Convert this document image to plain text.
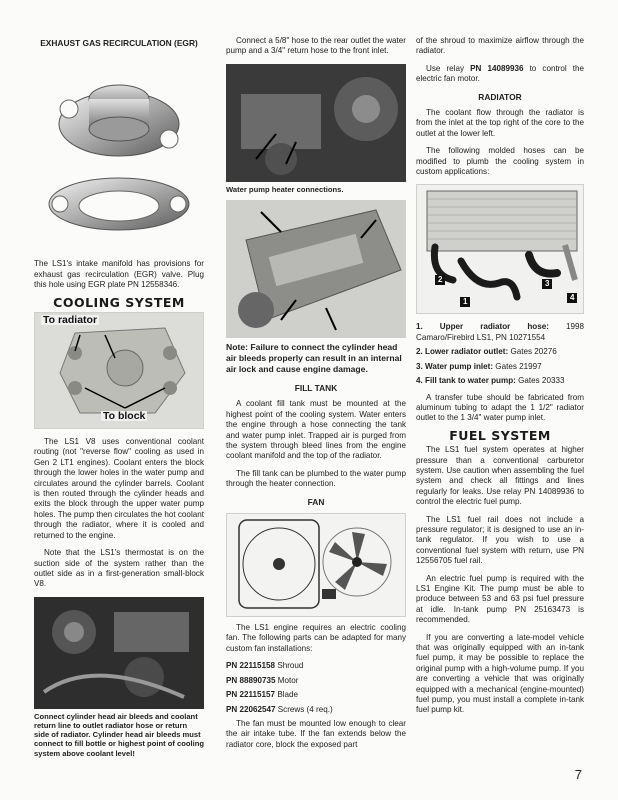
EXHAUST GAS RECIRCULATION (EGR)

The LS1's intake manifold has provisions for exhaust gas recirculation (EGR) valve. Plug this hole using EGR plate PN 12558346.

COOLING SYSTEM
To radiator
To block

The LS1 V8 uses conventional coolant routing (not "reverse flow" cooling as used in Gen 2 LT1 engines). Coolant enters the block through the lower holes in the water pump and circulates around the cylinder barrels. Coolant is then routed through the cylinder heads and exits the block through the upper water pump holes. The pump then circulates the hot coolant through the radiator, where it is cooled and returned to the engine.

Note that the LS1's thermostat is on the suction side of the system rather than the outlet side as in a first-generation small-block V8.

Connect cylinder head air bleeds and coolant return line to outlet radiator hose or return side of radiator. Cylinder head air bleeds must connect to fill bottle or highest point of cooling system above coolant level!

Connect a 5/8" hose to the rear outlet the water pump and a 3/4" return hose to the front inlet.

Water pump heater connections.
Note: Failure to connect the cylinder head air bleeds properly can result in an internal air lock and cause engine damage.
FILL TANK

A coolant fill tank must be mounted at the highest point of the cooling system. Water enters the engine through a hose connecting the tank and water pump inlet. Trapped air is purged from the system through bleed lines from the engine coolant manifold and the top of the radiator.

The fill tank can be plumbed to the water pump through the heater connection.

FAN

The LS1 engine requires an electric cooling fan. The following parts can be adapted for many custom fan installations:

PN 22115158 Shroud

PN 88890735 Motor

PN 22115157 Blade

PN 22062547 Screws (4 req.)

The fan must be mounted low enough to clear the air intake tube. If the fan extends below the radiator core, block the exposed part

of the shroud to maximize airflow through the radiator.

Use relay PN 14089936 to control the electric fan motor.

RADIATOR

The coolant flow through the radiator is from the inlet at the top right of the core to the outlet at the lower left.

The following molded hoses can be modified to plumb the cooling system in custom applications:

2
1
3
4

1. Upper radiator hose: 1998 Camaro/Firebird LS1, PN 10271554

2. Lower radiator outlet: Gates 20276

3. Water pump inlet: Gates 21997

4. Fill tank to water pump: Gates 20333

A transfer tube should be fabricated from aluminum tubing to adapt the 1 1/2" radiator outlet to the 1 3/4" water pump inlet.

FUEL SYSTEM

The LS1 fuel system operates at higher pressure than a conventional carburetor system. Use caution when assembling the fuel system and check all fittings and lines regularly for leaks. Use relay PN 14089936 to control the electric fuel pump.

The LS1 fuel rail does not include a pressure regulator; it is designed to use an in-tank regulator. If you wish to use a conventional fuel system with return, use PN 12556705 fuel rail.

An electric fuel pump is required with the LS1 Engine Kit. The pump must be able to produce between 53 and 63 psi fuel pressure at idle. In-tank pump PN 25163473 is recommended.

If you are converting a late-model vehicle that was originally equipped with an in-tank fuel pump, it may be possible to replace the original pump with a high-volume pump. If you are converting a vehicle that was originally equipped with a mechanical (engine-mounted) fuel pump, you must install a complete in-tank fuel pump kit.

7
